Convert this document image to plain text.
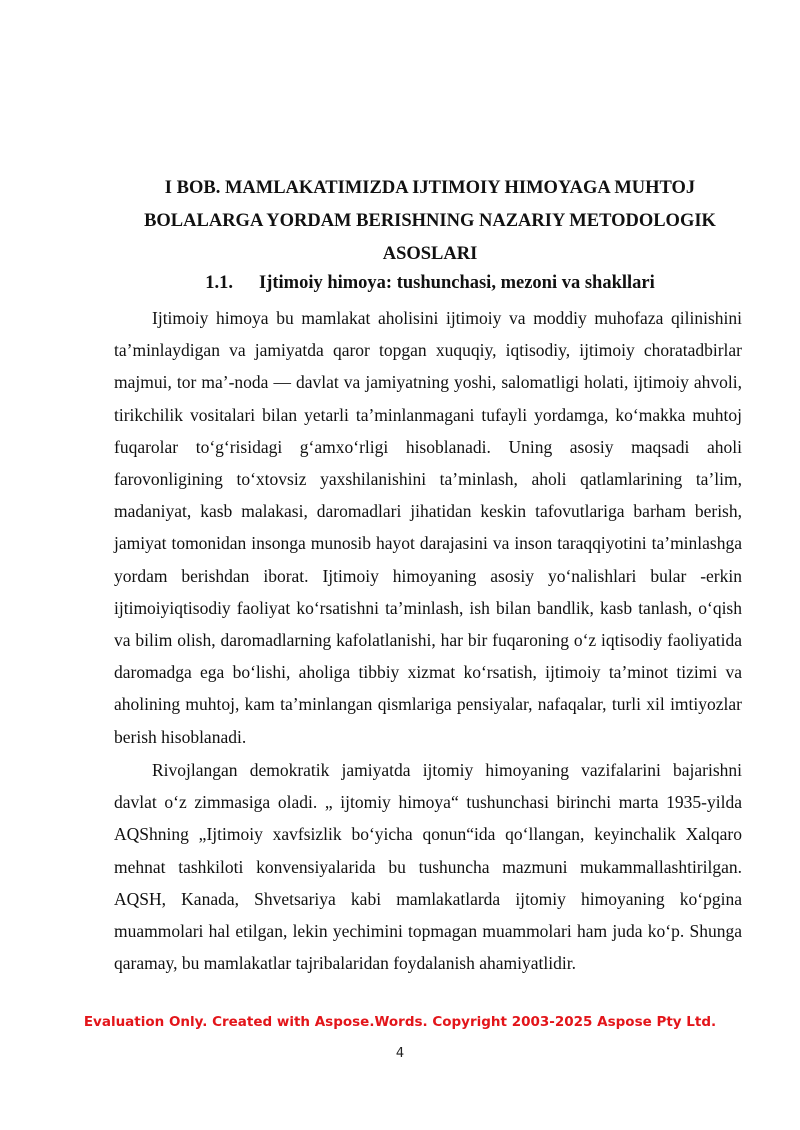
I BOB. MAMLAKATIMIZDA IJTIMOIY HIMOYAGA MUHTOJ BOLALARGA YORDAM BERISHNING NAZARIY METODOLOGIK ASOSLARI
1.1. Ijtimoiy himoya: tushunchasi, mezoni va shakllari

Ijtimoiy himoya bu mamlakat aholisini ijtimoiy va moddiy muhofaza qilinishini ta’minlaydigan va jamiyatda qaror topgan xuquqiy, iqtisodiy, ijtimoiy choratadbirlar majmui, tor ma’-noda — davlat va jamiyatning yoshi, salomatligi holati, ijtimoiy ahvoli, tirikchilik vositalari bilan yetarli ta’minlanmagani tufayli yordamga, ko‘makka muhtoj fuqarolar to‘g‘risidagi g‘amxo‘rligi hisoblanadi. Uning asosiy maqsadi aholi farovonligining to‘xtovsiz yaxshilanishini ta’minlash, aholi qatlamlarining ta’lim, madaniyat, kasb malakasi, daromadlari jihatidan keskin tafovutlariga barham berish, jamiyat tomonidan insonga munosib hayot darajasini va inson taraqqiyotini ta’minlashga yordam berishdan iborat. Ijtimoiy himoyaning asosiy yo‘nalishlari bular -erkin ijtimoiyiqtisodiy faoliyat ko‘rsatishni ta’minlash, ish bilan bandlik, kasb tanlash, o‘qish va bilim olish, daromadlarning kafolatlanishi, har bir fuqaroning o‘z iqtisodiy faoliyatida daromadga ega bo‘lishi, aholiga tibbiy xizmat ko‘rsatish, ijtimoiy ta’minot tizimi va aholining muhtoj, kam ta’minlangan qismlariga pensiyalar, nafaqalar, turli xil imtiyozlar berish hisoblanadi.

Rivojlangan demokratik jamiyatda ijtomiy himoyaning vazifalarini bajarishni davlat o‘z zimmasiga oladi. „ ijtomiy himoya“ tushunchasi birinchi marta 1935-yilda AQShning „Ijtimoiy xavfsizlik bo‘yicha qonun“ida qo‘llangan, keyinchalik Xalqaro mehnat tashkiloti konvensiyalarida bu tushuncha mazmuni mukammallashtirilgan. AQSH, Kanada, Shvetsariya kabi mamlakatlarda ijtomiy himoyaning ko‘pgina muammolari hal etilgan, lekin yechimini topmagan muammolari ham juda ko‘p. Shunga qaramay, bu mamlakatlar tajribalaridan foydalanish ahamiyatlidir.

Evaluation Only. Created with Aspose.Words. Copyright 2003-2025 Aspose Pty Ltd.

4
